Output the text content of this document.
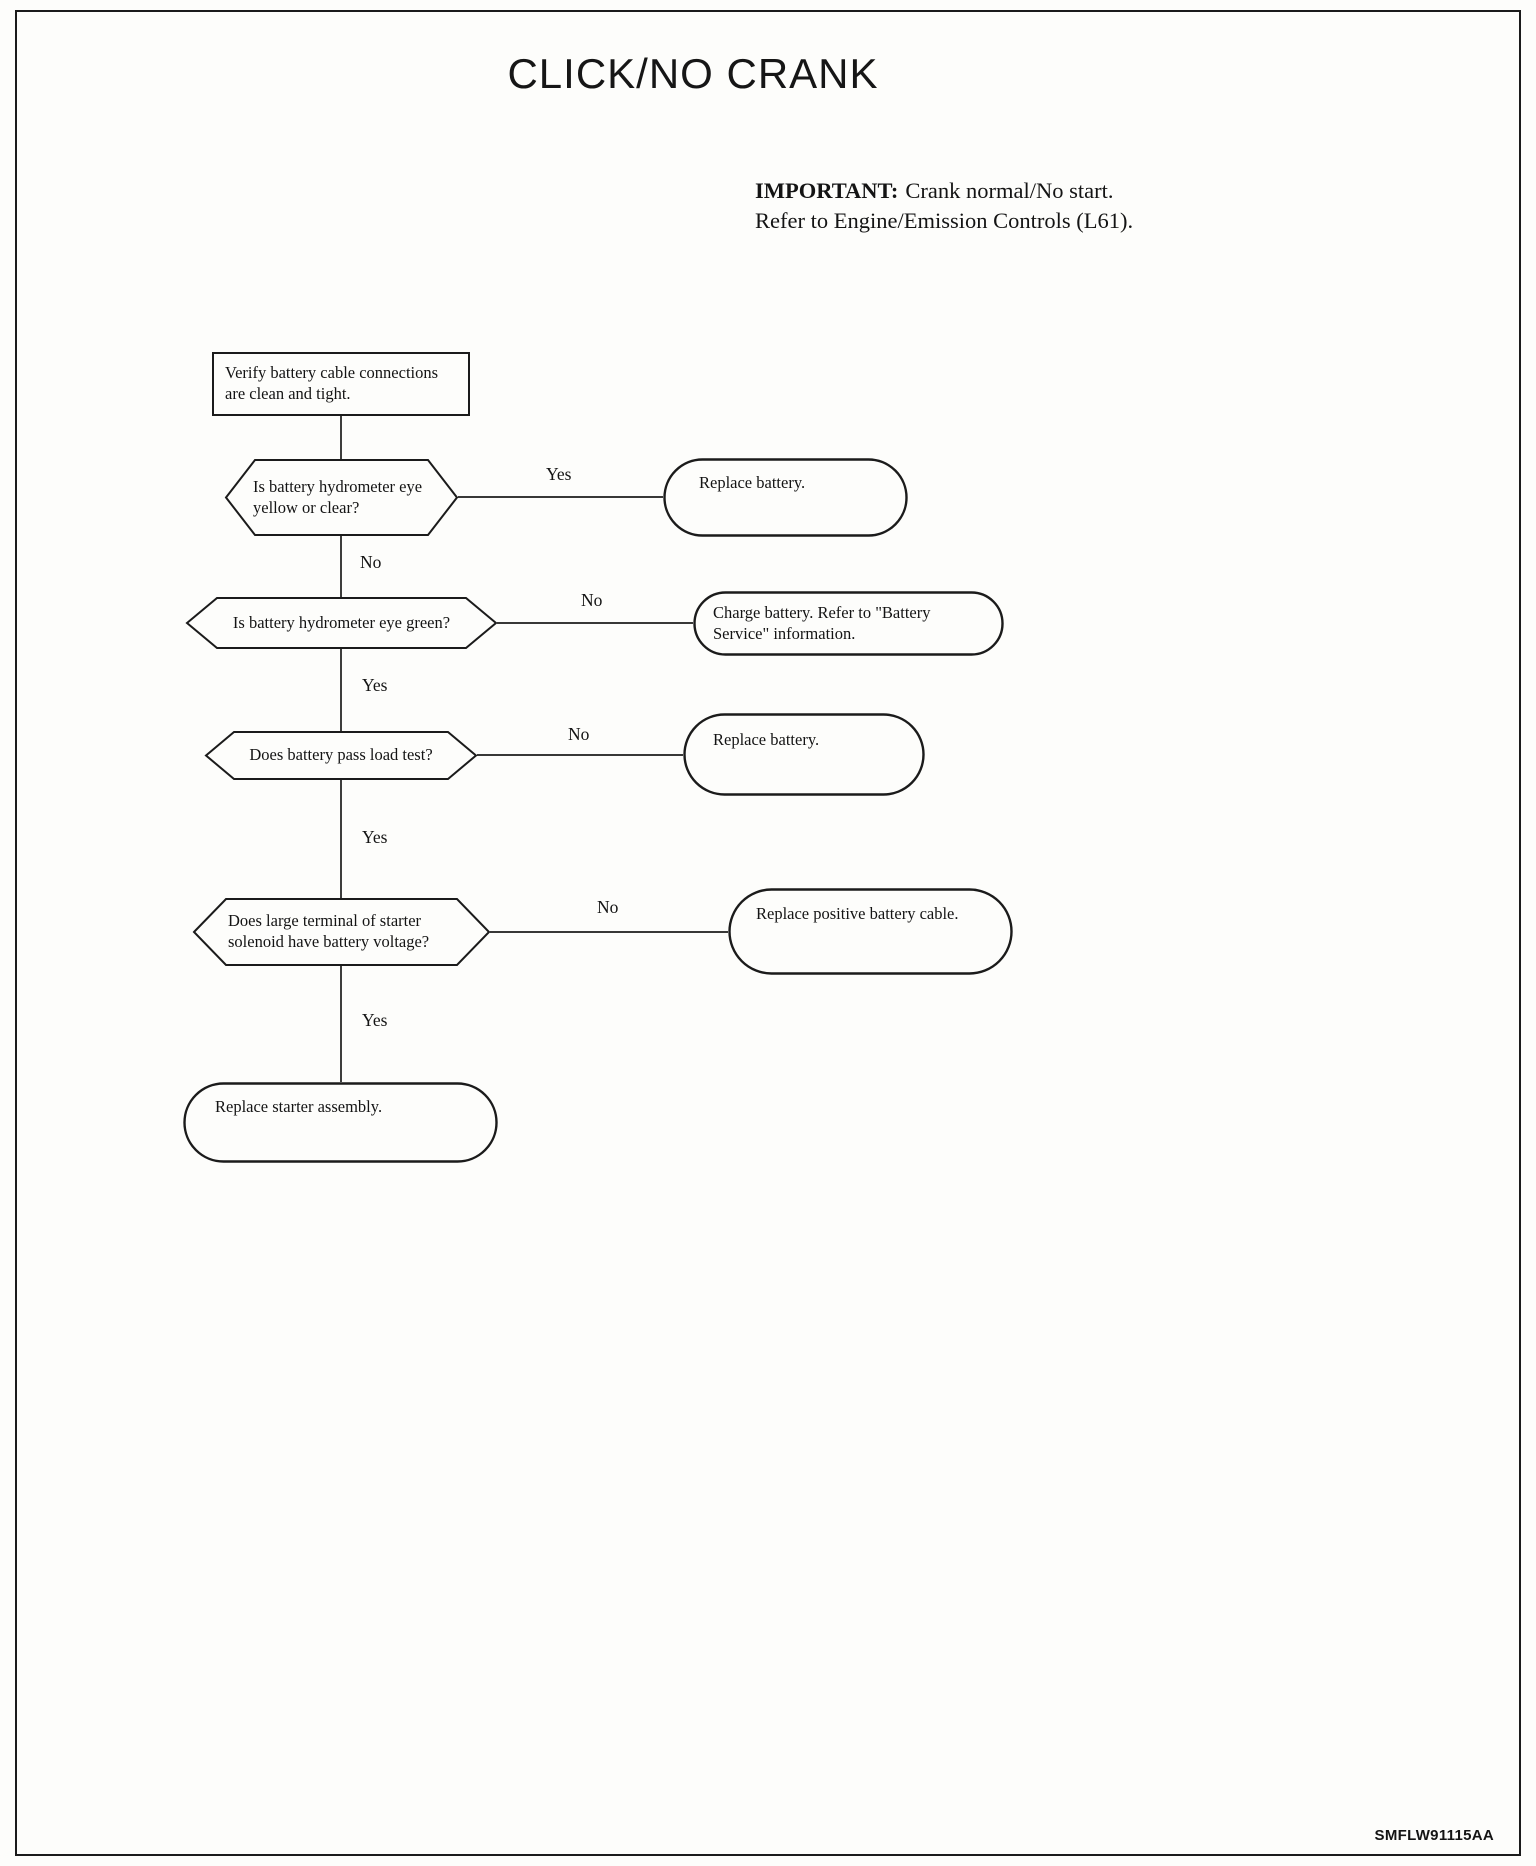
CLICK/NO CRANK
IMPORTANT: Crank normal/No start.
Refer to Engine/Emission Controls (L61).
Yes
No
No
Yes
No
Yes
No
Yes
Verify battery cable connections are clean and tight.
Is battery hydrometer eye yellow or clear?
Replace battery.
Is battery hydrometer eye green?
Charge battery. Refer to "Battery Service" information.
Does battery pass load test?
Replace battery.
Does large terminal of starter solenoid have battery voltage?
Replace positive battery cable.
Replace starter assembly.
SMFLW91115AA
